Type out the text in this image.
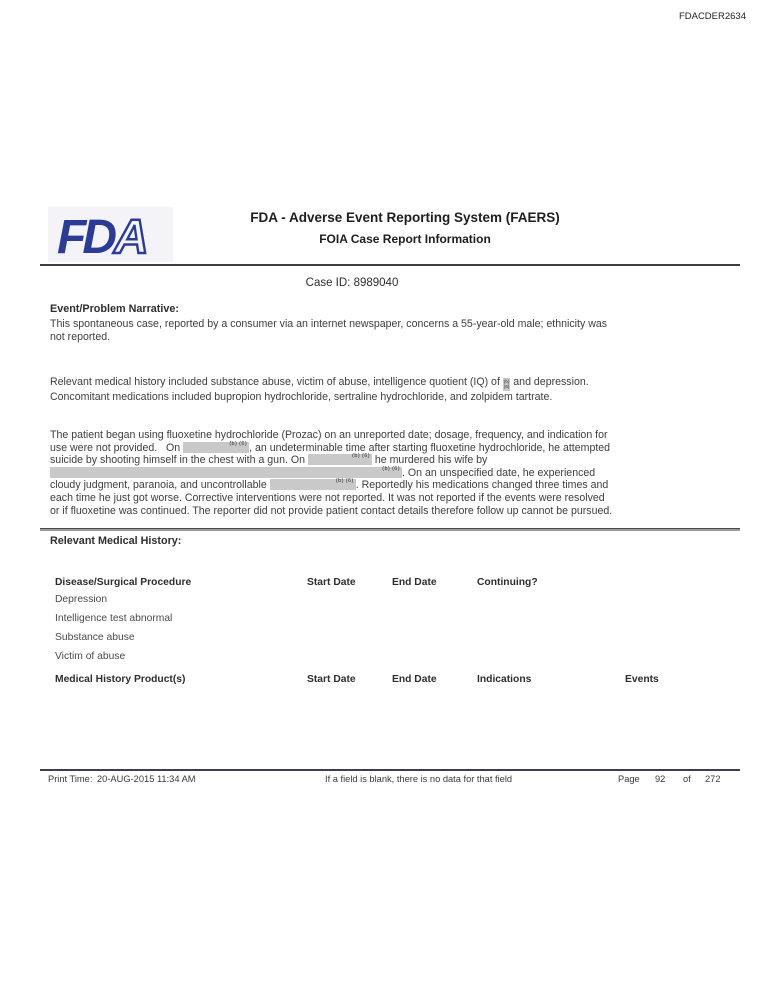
FDACDER2634
FD A	FDA - Adverse Event Reporting System (FAERS)
FOIA Case Report Information
Case ID: 8989040
Event/Problem Narrative:
This spontaneous case, reported by a consumer via an internet newspaper, concerns a 55-year-old male; ethnicity was not reported.
Relevant medical history included substance abuse, victim of abuse, intelligence quotient (IQ) of (b)
(6) and depression.  Concomitant medications included bupropion hydrochloride, sertraline hydrochloride, and zolpidem tartrate.
The patient began using fluoxetine hydrochloride (Prozac) on an unreported date; dosage, frequency, and indication for use were not provided.   On	(b) (6) , an undeterminable time after starting fluoxetine hydrochloride, he attempted suicide by shooting himself in the chest with a gun. On	(b) (6) he murdered his wife by
(b) (6) . On an unspecified date, he experienced cloudy judgment, paranoia, and uncontrollable	(b) (6) . Reportedly his medications changed three times and each time he just got worse. Corrective interventions were not reported. It was not reported if the events were resolved or if fluoxetine was continued. The reporter did not provide patient contact details therefore follow up cannot be pursued.
Relevant Medical History:
Disease/Surgical Procedure	Start Date	End Date	Continuing?
Depression
Intelligence test abnormal
Substance abuse
Victim of abuse
Medical History Product(s)	Start Date	End Date	Indications	Events
Print Time: 20-AUG-2015 11:34 AM	If a field is blank, there is no data for that field	Page 92 of 272
